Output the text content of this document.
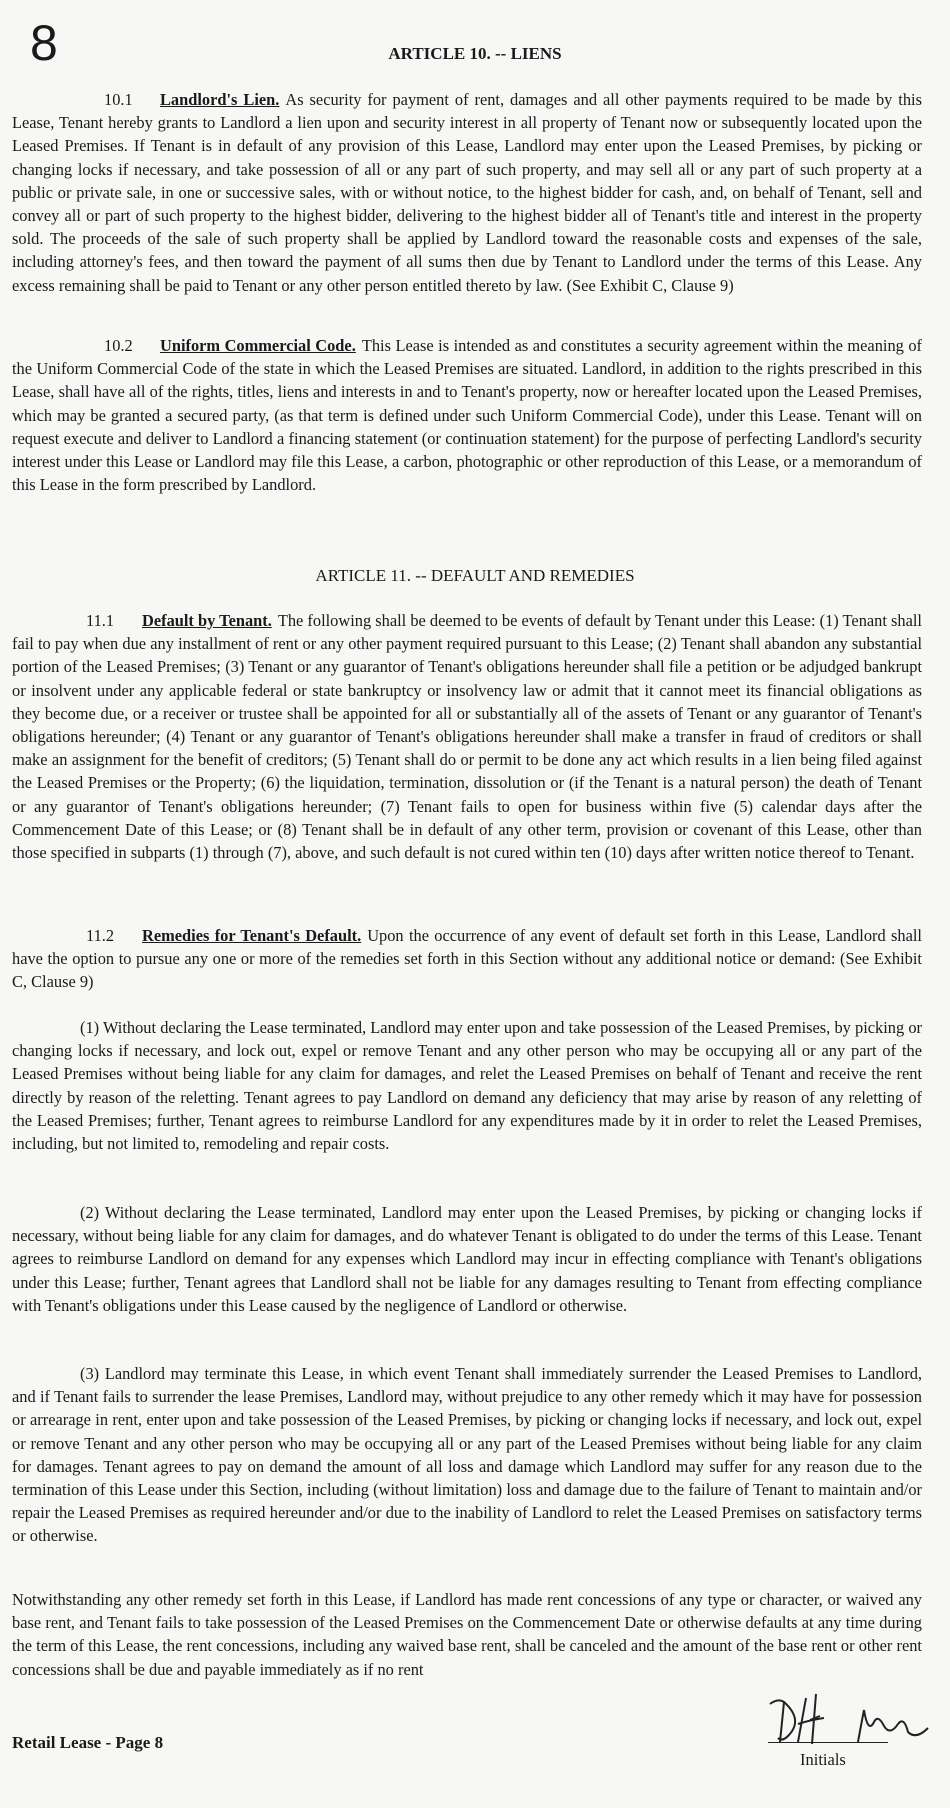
8	ARTICLE 10. -- LIENS

10.1 Landlord's Lien. As security for payment of rent, damages and all other payments required to be made by this Lease, Tenant hereby grants to Landlord a lien upon and security interest in all property of Tenant now or subsequently located upon the Leased Premises. If Tenant is in default of any provision of this Lease, Landlord may enter upon the Leased Premises, by picking or changing locks if necessary, and take possession of all or any part of such property, and may sell all or any part of such property at a public or private sale, in one or successive sales, with or without notice, to the highest bidder for cash, and, on behalf of Tenant, sell and convey all or part of such property to the highest bidder, delivering to the highest bidder all of Tenant's title and interest in the property sold. The proceeds of the sale of such property shall be applied by Landlord toward the reasonable costs and expenses of the sale, including attorney's fees, and then toward the payment of all sums then due by Tenant to Landlord under the terms of this Lease. Any excess remaining shall be paid to Tenant or any other person entitled thereto by law. (See Exhibit C, Clause 9)

10.2 Uniform Commercial Code. This Lease is intended as and constitutes a security agreement within the meaning of the Uniform Commercial Code of the state in which the Leased Premises are situated. Landlord, in addition to the rights prescribed in this Lease, shall have all of the rights, titles, liens and interests in and to Tenant's property, now or hereafter located upon the Leased Premises, which may be granted a secured party, (as that term is defined under such Uniform Commercial Code), under this Lease. Tenant will on request execute and deliver to Landlord a financing statement (or continuation statement) for the purpose of perfecting Landlord's security interest under this Lease or Landlord may file this Lease, a carbon, photographic or other reproduction of this Lease, or a memorandum of this Lease in the form prescribed by Landlord.

ARTICLE 11. -- DEFAULT AND REMEDIES

11.1 Default by Tenant. The following shall be deemed to be events of default by Tenant under this Lease: (1) Tenant shall fail to pay when due any installment of rent or any other payment required pursuant to this Lease; (2) Tenant shall abandon any substantial portion of the Leased Premises; (3) Tenant or any guarantor of Tenant's obligations hereunder shall file a petition or be adjudged bankrupt or insolvent under any applicable federal or state bankruptcy or insolvency law or admit that it cannot meet its financial obligations as they become due, or a receiver or trustee shall be appointed for all or substantially all of the assets of Tenant or any guarantor of Tenant's obligations hereunder; (4) Tenant or any guarantor of Tenant's obligations hereunder shall make a transfer in fraud of creditors or shall make an assignment for the benefit of creditors; (5) Tenant shall do or permit to be done any act which results in a lien being filed against the Leased Premises or the Property; (6) the liquidation, termination, dissolution or (if the Tenant is a natural person) the death of Tenant or any guarantor of Tenant's obligations hereunder; (7) Tenant fails to open for business within five (5) calendar days after the Commencement Date of this Lease; or (8) Tenant shall be in default of any other term, provision or covenant of this Lease, other than those specified in subparts (1) through (7), above, and such default is not cured within ten (10) days after written notice thereof to Tenant.

11.2 Remedies for Tenant's Default. Upon the occurrence of any event of default set forth in this Lease, Landlord shall have the option to pursue any one or more of the remedies set forth in this Section without any additional notice or demand: (See Exhibit C, Clause 9)

(1) Without declaring the Lease terminated, Landlord may enter upon and take possession of the Leased Premises, by picking or changing locks if necessary, and lock out, expel or remove Tenant and any other person who may be occupying all or any part of the Leased Premises without being liable for any claim for damages, and relet the Leased Premises on behalf of Tenant and receive the rent directly by reason of the reletting. Tenant agrees to pay Landlord on demand any deficiency that may arise by reason of any reletting of the Leased Premises; further, Tenant agrees to reimburse Landlord for any expenditures made by it in order to relet the Leased Premises, including, but not limited to, remodeling and repair costs.

(2) Without declaring the Lease terminated, Landlord may enter upon the Leased Premises, by picking or changing locks if necessary, without being liable for any claim for damages, and do whatever Tenant is obligated to do under the terms of this Lease. Tenant agrees to reimburse Landlord on demand for any expenses which Landlord may incur in effecting compliance with Tenant's obligations under this Lease; further, Tenant agrees that Landlord shall not be liable for any damages resulting to Tenant from effecting compliance with Tenant's obligations under this Lease caused by the negligence of Landlord or otherwise.

(3) Landlord may terminate this Lease, in which event Tenant shall immediately surrender the Leased Premises to Landlord, and if Tenant fails to surrender the lease Premises, Landlord may, without prejudice to any other remedy which it may have for possession or arrearage in rent, enter upon and take possession of the Leased Premises, by picking or changing locks if necessary, and lock out, expel or remove Tenant and any other person who may be occupying all or any part of the Leased Premises without being liable for any claim for damages. Tenant agrees to pay on demand the amount of all loss and damage which Landlord may suffer for any reason due to the termination of this Lease under this Section, including (without limitation) loss and damage due to the failure of Tenant to maintain and/or repair the Leased Premises as required hereunder and/or due to the inability of Landlord to relet the Leased Premises on satisfactory terms or otherwise.

Notwithstanding any other remedy set forth in this Lease, if Landlord has made rent concessions of any type or character, or waived any base rent, and Tenant fails to take possession of the Leased Premises on the Commencement Date or otherwise defaults at any time during the term of this Lease, the rent concessions, including any waived base rent, shall be canceled and the amount of the base rent or other rent concessions shall be due and payable immediately as if no rent

Retail Lease - Page 8
Initials
